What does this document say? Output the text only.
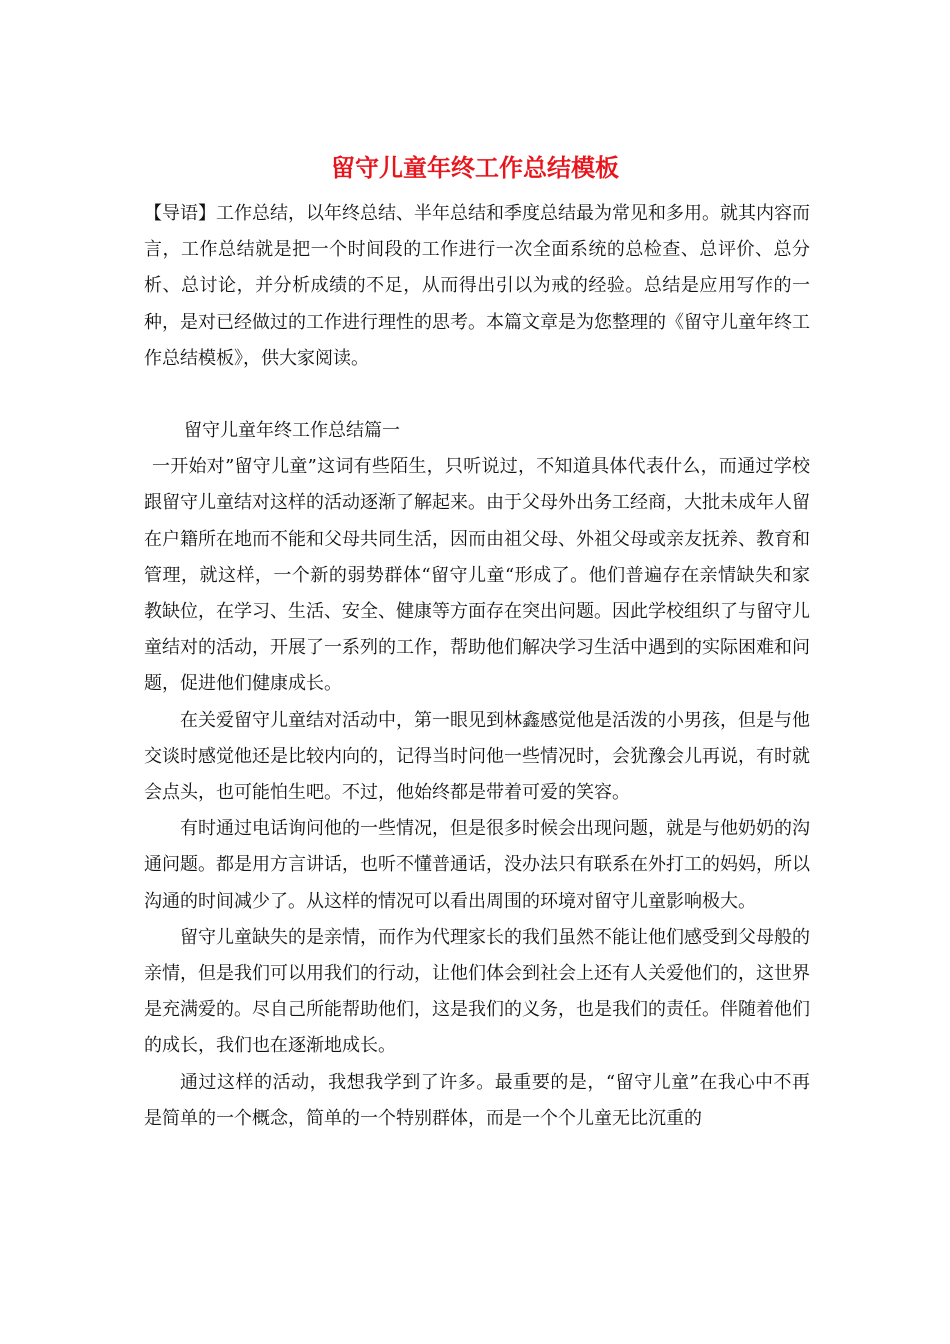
留守儿童年终工作总结模板

【导语】工作总结，以年终总结、半年总结和季度总结最为常见和多用。就其内容而言，工作总结就是把一个时间段的工作进行一次全面系统的总检查、总评价、总分析、总讨论，并分析成绩的不足，从而得出引以为戒的经验。总结是应用写作的一种，是对已经做过的工作进行理性的思考。本篇文章是为您整理的《留守儿童年终工作总结模板》，供大家阅读。

留守儿童年终工作总结篇一

一开始对”留守儿童”这词有些陌生，只听说过，不知道具体代表什么，而通过学校跟留守儿童结对这样的活动逐渐了解起来。由于父母外出务工经商，大批未成年人留在户籍所在地而不能和父母共同生活，因而由祖父母、外祖父母或亲友抚养、教育和管理，就这样，一个新的弱势群体“留守儿童“形成了。他们普遍存在亲情缺失和家教缺位，在学习、生活、安全、健康等方面存在突出问题。因此学校组织了与留守儿童结对的活动，开展了一系列的工作，帮助他们解决学习生活中遇到的实际困难和问题，促进他们健康成长。

在关爱留守儿童结对活动中，第一眼见到林鑫感觉他是活泼的小男孩，但是与他交谈时感觉他还是比较内向的，记得当时问他一些情况时，会犹豫会儿再说，有时就会点头，也可能怕生吧。不过，他始终都是带着可爱的笑容。

有时通过电话询问他的一些情况，但是很多时候会出现问题，就是与他奶奶的沟通问题。都是用方言讲话，也听不懂普通话，没办法只有联系在外打工的妈妈，所以沟通的时间减少了。从这样的情况可以看出周围的环境对留守儿童影响极大。

留守儿童缺失的是亲情，而作为代理家长的我们虽然不能让他们感受到父母般的亲情，但是我们可以用我们的行动，让他们体会到社会上还有人关爱他们的，这世界是充满爱的。尽自己所能帮助他们，这是我们的义务，也是我们的责任。伴随着他们的成长，我们也在逐渐地成长。

通过这样的活动，我想我学到了许多。最重要的是，“留守儿童”在我心中不再是简单的一个概念，简单的一个特别群体，而是一个个儿童无比沉重的
